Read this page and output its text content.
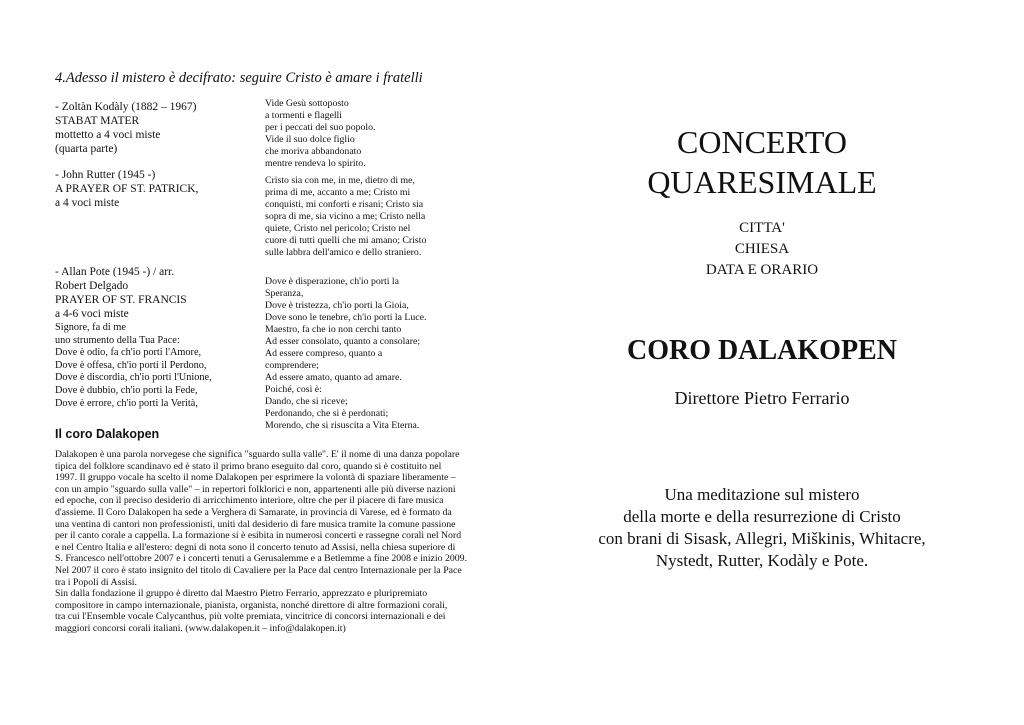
4.Adesso il mistero è decifrato: seguire Cristo è amare i fratelli
- Zoltàn Kodàly (1882 – 1967)
STABAT MATER
mottetto a 4 voci miste
(quarta parte)
- John Rutter (1945 -)
A PRAYER OF ST. PATRICK,
a 4 voci miste
- Allan Pote (1945 -) / arr.
Robert Delgado
PRAYER OF ST. FRANCIS
a 4-6 voci miste
Signore, fa di me
uno strumento della Tua Pace:
Dove è odio, fa ch'io porti l'Amore,
Dove è offesa, ch'io porti il Perdono,
Dove è discordia, ch'io porti l'Unione,
Dove è dubbio, ch'io porti la Fede,
Dove è errore, ch'io porti la Verità,
Vide Gesù sottoposto
a tormenti e flagelli
per i peccati del suo popolo.
Vide il suo dolce figlio
che moriva abbandonato
mentre rendeva lo spirito.
Cristo sia con me, in me, dietro di me,
prima di me, accanto a me; Cristo mi
conquisti, mi conforti e risani; Cristo sia
sopra di me, sia vicino a me; Cristo nella
quiete, Cristo nel pericolo; Cristo nel
cuore di tutti quelli che mi amano; Cristo
sulle labbra dell'amico e dello straniero.
Dove è disperazione, ch'io porti la
Speranza,
Dove è tristezza, ch'io porti la Gioia,
Dove sono le tenebre, ch'io porti la Luce.
Maestro, fa che io non cerchi tanto
Ad esser consolato, quanto a consolare;
Ad essere compreso, quanto a
comprendere;
Ad essere amato, quanto ad amare.
Poiché, così è:
Dando, che si riceve;
Perdonando, che si è perdonati;
Morendo, che si risuscita a Vita Eterna.
Il coro Dalakopen
Dalakopen è una parola norvegese che significa "sguardo sulla valle". E' il nome di una danza popolare
tipica del folklore scandinavo ed è stato il primo brano eseguito dal coro, quando si è costituito nel
1997. Il gruppo vocale ha scelto il nome Dalakopen per esprimere la volontà di spaziare liberamente –
con un ampio "sguardo sulla valle" – in repertori folklorici e non, appartenenti alle più diverse nazioni
ed epoche, con il preciso desiderio di arricchimento interiore, oltre che per il piacere di fare musica
d'assieme. Il Coro Dalakopen ha sede a Verghera di Samarate, in provincia di Varese, ed è formato da
una ventina di cantori non professionisti, uniti dal desiderio di fare musica tramite la comune passione
per il canto corale a cappella. La formazione si è esibita in numerosi concerti e rassegne corali nel Nord
e nel Centro Italia e all'estero: degni di nota sono il concerto tenuto ad Assisi, nella chiesa superiore di
S. Francesco nell'ottobre 2007 e i concerti tenuti a Gerusalemme e a Betlemme a fine 2008 e inizio 2009.
Nel 2007 il coro è stato insignito del titolo di Cavaliere per la Pace dal centro Internazionale per la Pace
tra i Popoli di Assisi.
Sin dalla fondazione il gruppo è diretto dal Maestro Pietro Ferrario, apprezzato e pluripremiato
compositore in campo internazionale, pianista, organista, nonché direttore di altre formazioni corali,
tra cui l'Ensemble vocale Calycanthus, più volte premiata, vincitrice di concorsi internazionali e dei
maggiori concorsi corali italiani. (www.dalakopen.it – info@dalakopen.it)
CONCERTO
QUARESIMALE
CITTA'
CHIESA
DATA E ORARIO
CORO DALAKOPEN
Direttore Pietro Ferrario
Una meditazione sul mistero
della morte e della resurrezione di Cristo
con brani di Sisask, Allegri, Miškinis, Whitacre,
Nystedt, Rutter, Kodàly e Pote.
